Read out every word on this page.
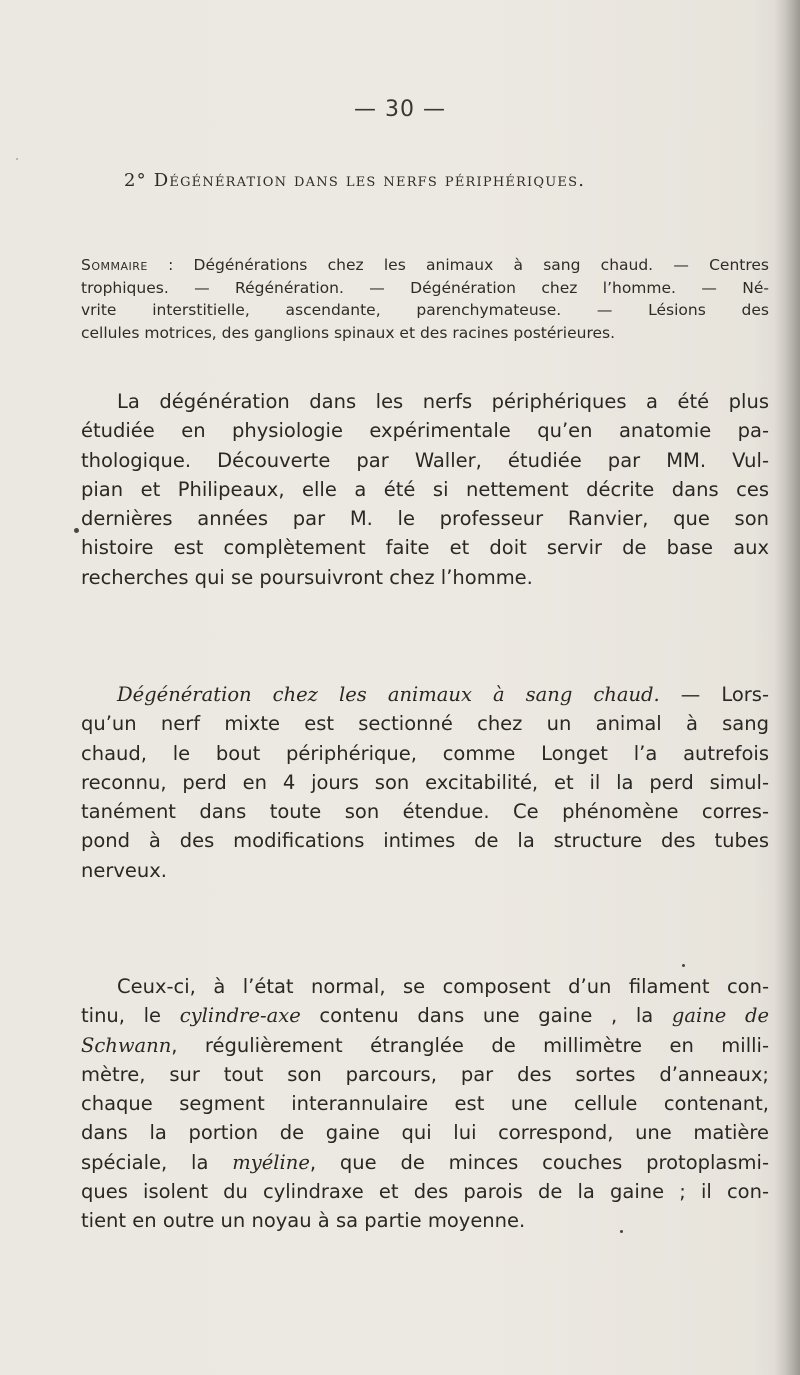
— 30 —
2° Dégénération dans les nerfs périphériques.
Sommaire : Dégénérations chez les animaux à sang chaud. — Centres
trophiques. — Régénération. — Dégénération chez l’homme. — Né-
vrite interstitielle, ascendante, parenchymateuse. — Lésions des
cellules motrices, des ganglions spinaux et des racines postérieures.
La dégénération dans les nerfs périphériques a été plus
étudiée en physiologie expérimentale qu’en anatomie pa-
thologique. Découverte par Waller, étudiée par MM. Vul-
pian et Philipeaux, elle a été si nettement décrite dans ces
dernières années par M. le professeur Ranvier, que son
histoire est complètement faite et doit servir de base aux
recherches qui se poursuivront chez l’homme.
Dégénération chez les animaux à sang chaud. — Lors-
qu’un nerf mixte est sectionné chez un animal à sang
chaud, le bout périphérique, comme Longet l’a autrefois
reconnu, perd en 4 jours son excitabilité, et il la perd simul-
tanément dans toute son étendue. Ce phénomène corres-
pond à des modifications intimes de la structure des tubes
nerveux.
Ceux-ci, à l’état normal, se composent d’un filament con-
tinu, le cylindre-axe contenu dans une gaine , la gaine de
Schwann, régulièrement étranglée de millimètre en milli-
mètre, sur tout son parcours, par des sortes d’anneaux;
chaque segment interannulaire est une cellule contenant,
dans la portion de gaine qui lui correspond, une matière
spéciale, la myéline, que de minces couches protoplasmi-
ques isolent du cylindraxe et des parois de la gaine ; il con-
tient en outre un noyau à sa partie moyenne.
